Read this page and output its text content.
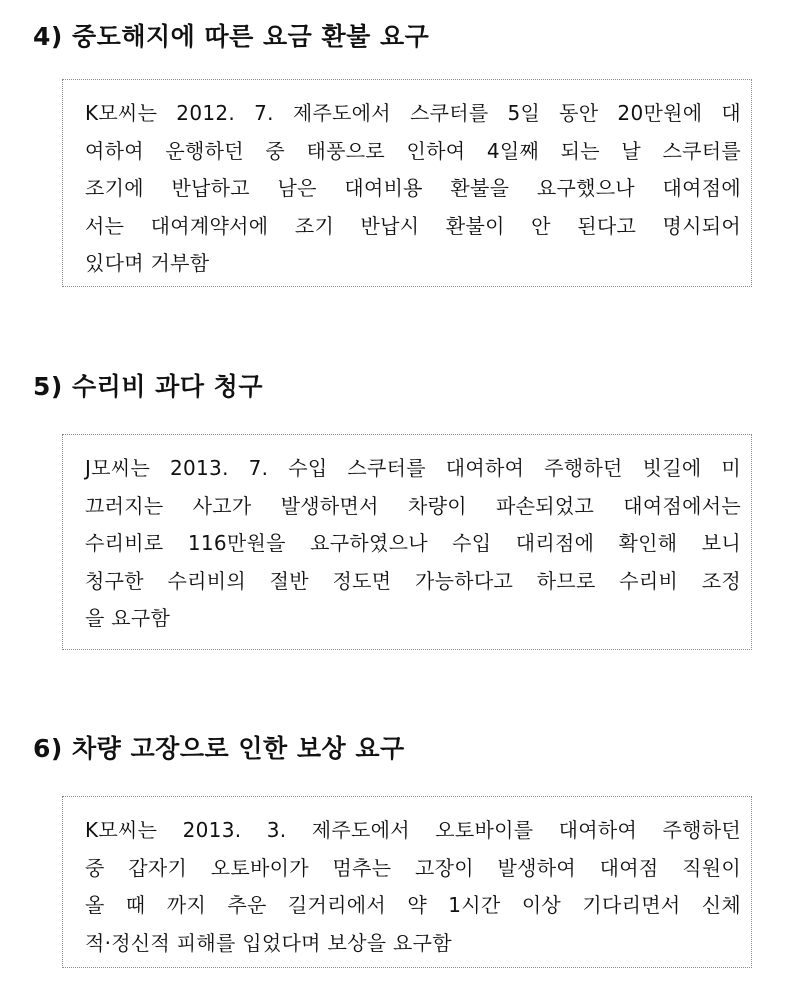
4) 중도해지에 따른 요금 환불 요구
K모씨는 2012. 7. 제주도에서 스쿠터를 5일 동안 20만원에 대
여하여 운행하던 중 태풍으로 인하여 4일째 되는 날 스쿠터를
조기에 반납하고 남은 대여비용 환불을 요구했으나 대여점에
서는 대여계약서에 조기 반납시 환불이 안 된다고 명시되어
있다며 거부함
5) 수리비 과다 청구
J모씨는 2013. 7. 수입 스쿠터를 대여하여 주행하던 빗길에 미
끄러지는 사고가 발생하면서 차량이 파손되었고 대여점에서는
수리비로 116만원을 요구하였으나 수입 대리점에 확인해 보니
청구한 수리비의 절반 정도면 가능하다고 하므로 수리비 조정
을 요구함
6) 차량 고장으로 인한 보상 요구
K모씨는 2013. 3. 제주도에서 오토바이를 대여하여 주행하던
중 갑자기 오토바이가 멈추는 고장이 발생하여 대여점 직원이
올 때 까지 추운 길거리에서 약 1시간 이상 기다리면서 신체
적·정신적 피해를 입었다며 보상을 요구함
